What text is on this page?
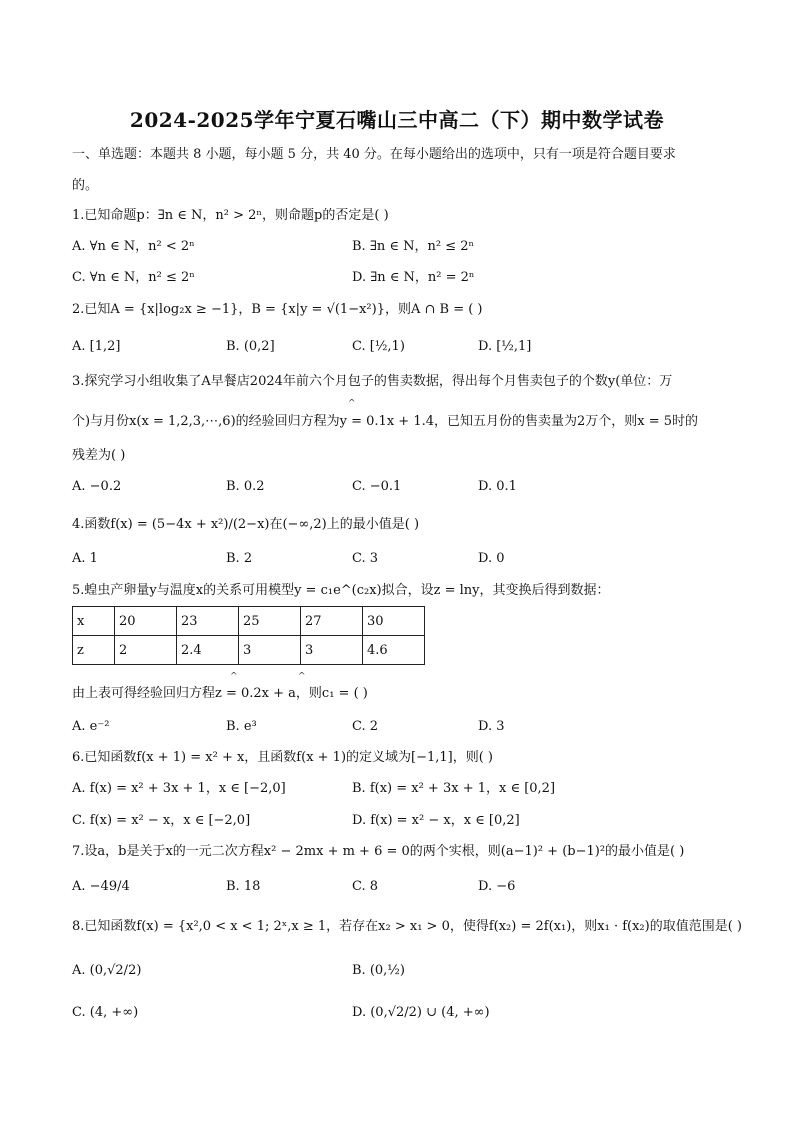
2024-2025学年宁夏石嘴山三中高二（下）期中数学试卷
一、单选题：本题共 8 小题，每小题 5 分，共 40 分。在每小题给出的选项中，只有一项是符合题目要求
的。
1.已知命题p：∃n ∈ N，n² > 2ⁿ，则命题p的否定是( )
A. ∀n ∈ N，n² < 2ⁿ	B. ∃n ∈ N，n² ≤ 2ⁿ
C. ∀n ∈ N，n² ≤ 2ⁿ	D. ∃n ∈ N，n² = 2ⁿ
2.已知A = {x|log₂x ≥ −1}，B = {x|y = √(1−x²)}，则A ∩ B = ( )
A. [1,2]	B. (0,2]	C. [½,1)	D. [½,1]
3.探究学习小组收集了A早餐店2024年前六个月包子的售卖数据，得出每个月售卖包子的个数y(单位：万
^
个)与月份x(x = 1,2,3,⋯,6)的经验回归方程为y = 0.1x + 1.4，已知五月份的售卖量为2万个，则x = 5时的
残差为( )
A. −0.2	B. 0.2	C. −0.1	D. 0.1
4.函数f(x) = (5−4x + x²)/(2−x)在(−∞,2)上的最小值是( )
A. 1	B. 2	C. 3	D. 0
5.蝗虫产卵量y与温度x的关系可用模型y = c₁e^(c₂x)拟合，设z = lny，其变换后得到数据：
x	20	23	25	27	30
z	2	2.4	3	3	4.6
^	^
由上表可得经验回归方程z = 0.2x + a，则c₁ = ( )
A. e⁻²	B. e³	C. 2	D. 3
6.已知函数f(x + 1) = x² + x，且函数f(x + 1)的定义域为[−1,1]，则( )
A. f(x) = x² + 3x + 1，x ∈ [−2,0]	B. f(x) = x² + 3x + 1，x ∈ [0,2]
C. f(x) = x² − x，x ∈ [−2,0]	D. f(x) = x² − x，x ∈ [0,2]
7.设a，b是关于x的一元二次方程x² − 2mx + m + 6 = 0的两个实根，则(a−1)² + (b−1)²的最小值是( )
A. −49/4	B. 18	C. 8	D. −6
8.已知函数f(x) = {x²,0 < x < 1; 2ˣ,x ≥ 1，若存在x₂ > x₁ > 0，使得f(x₂) = 2f(x₁)，则x₁ · f(x₂)的取值范围是( )
A. (0,√2/2)	B. (0,½)
C. (4, +∞)	D. (0,√2/2) ∪ (4, +∞)
